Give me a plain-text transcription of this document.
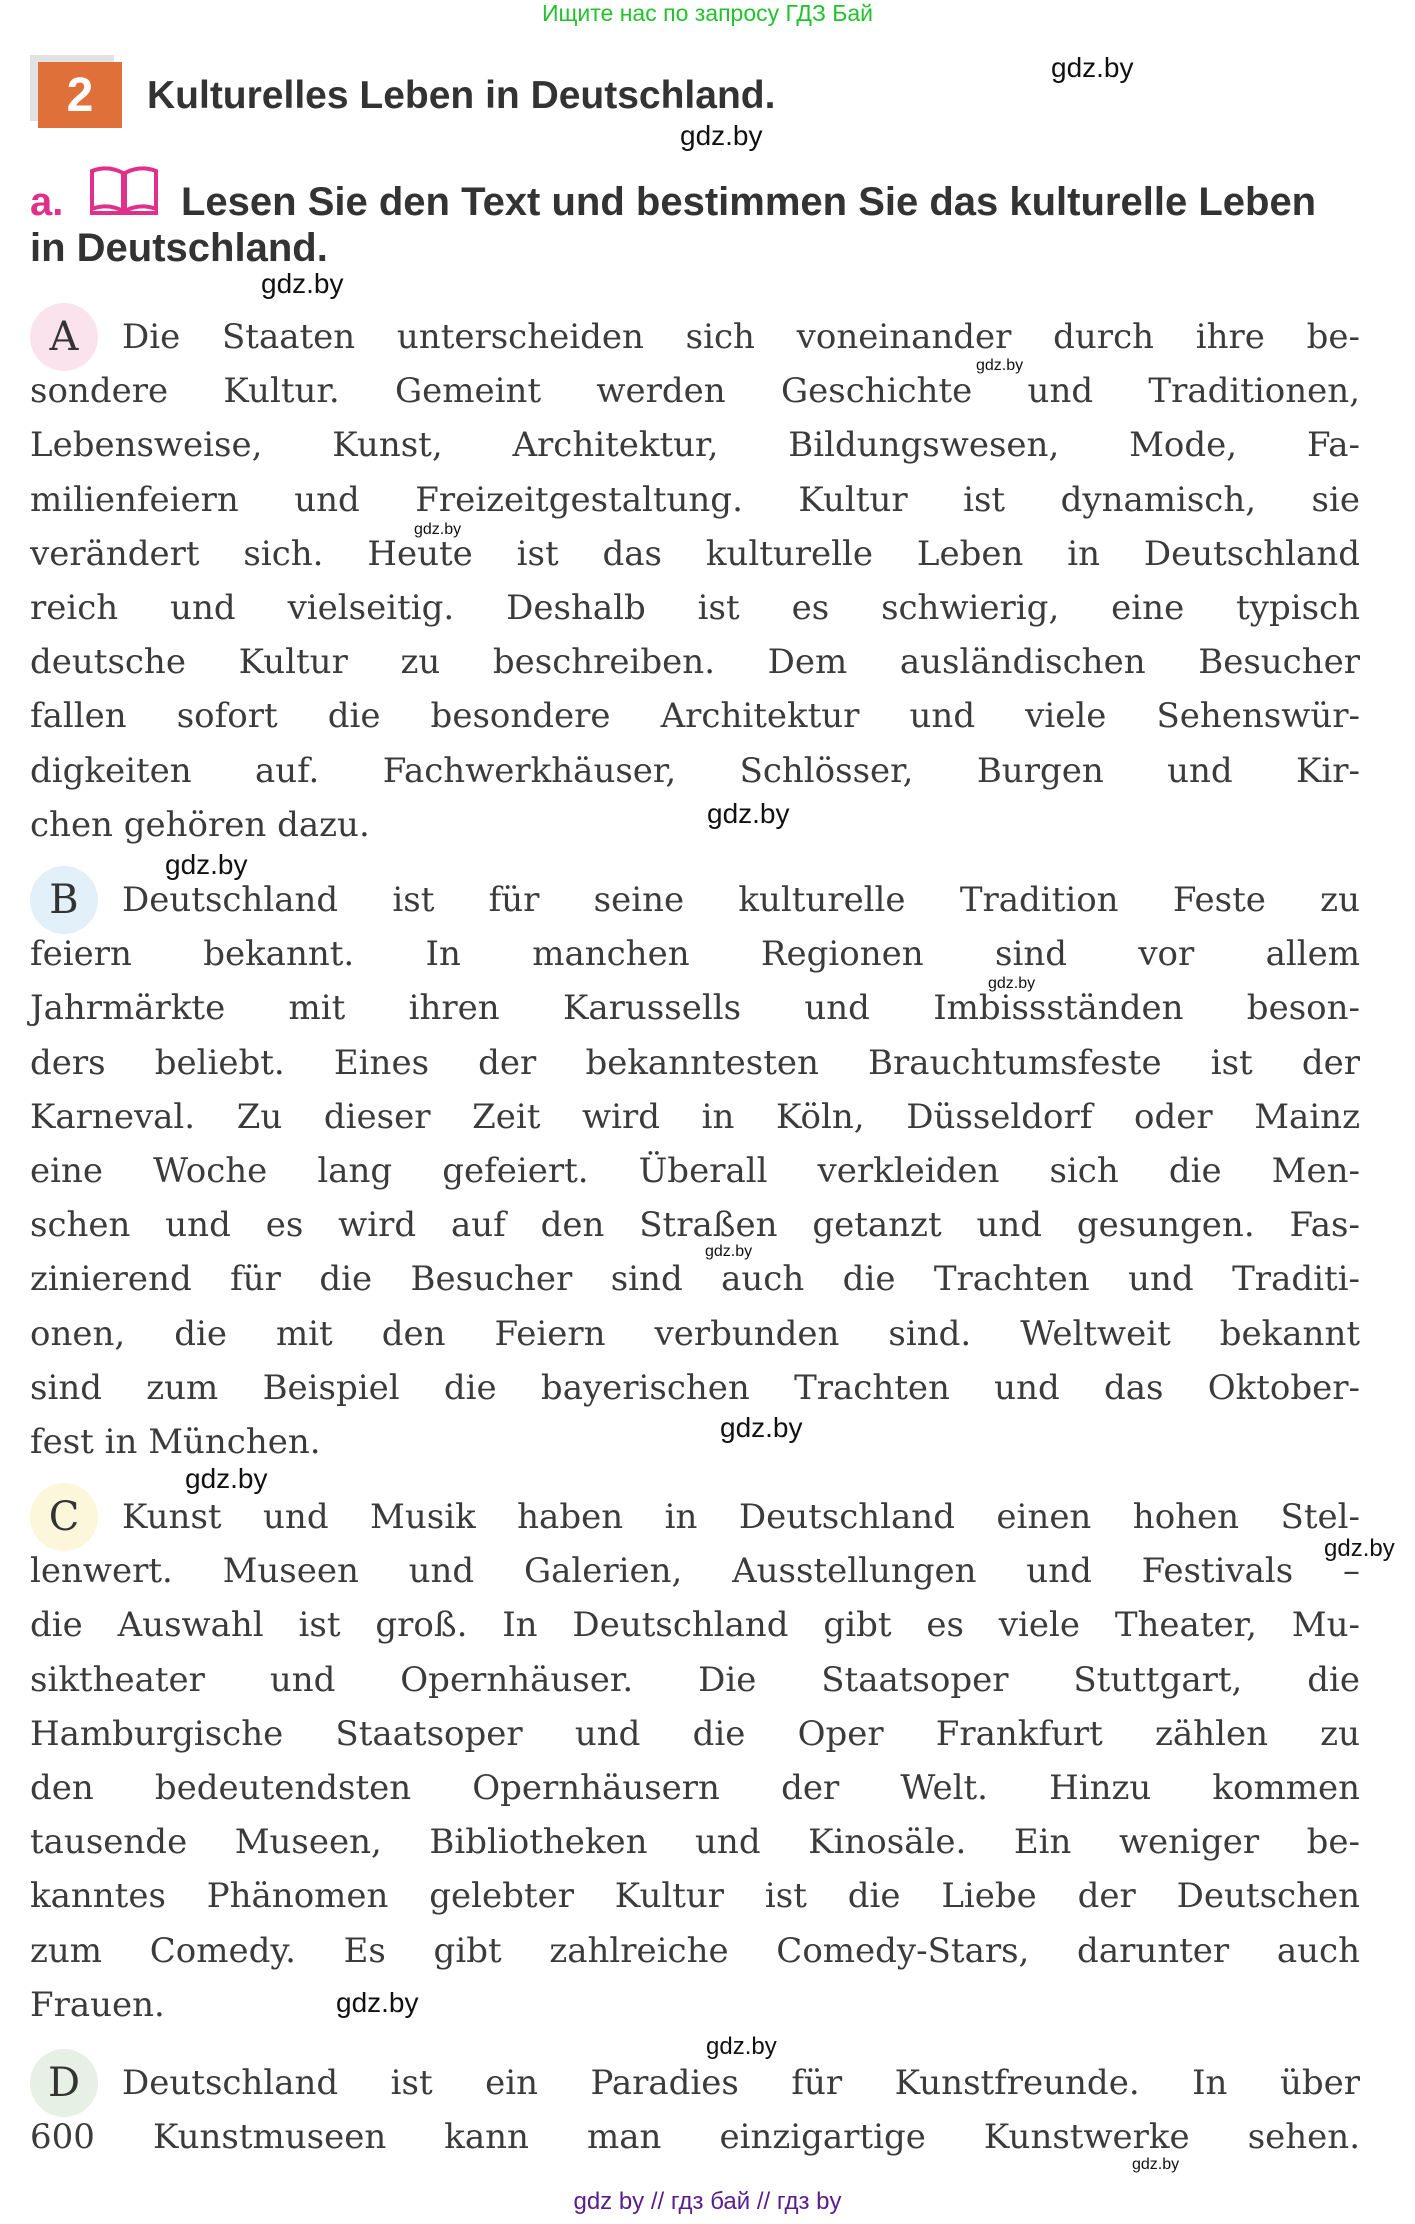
Ищите нас по запросу ГДЗ Бай
2	Kulturelles Leben in Deutschland.
a.	Lesen Sie den Text und bestimmen Sie das kulturelle Leben
in Deutschland.
A	Die Staaten unterscheiden sich voneinander durch ihre be-
sondere Kultur. Gemeint werden Geschichte und Traditionen,
Lebensweise, Kunst, Architektur, Bildungswesen, Mode, Fa-
milienfeiern und Freizeitgestaltung. Kultur ist dynamisch, sie
verändert sich. Heute ist das kulturelle Leben in Deutschland
reich und vielseitig. Deshalb ist es schwierig, eine typisch
deutsche Kultur zu beschreiben. Dem ausländischen Besucher
fallen sofort die besondere Architektur und viele Sehenswür-
digkeiten auf. Fachwerkhäuser, Schlösser, Burgen und Kir-
chen gehören dazu.
B	Deutschland ist für seine kulturelle Tradition Feste zu
feiern bekannt. In manchen Regionen sind vor allem
Jahrmärkte mit ihren Karussells und Imbissständen beson-
ders beliebt. Eines der bekanntesten Brauchtumsfeste ist der
Karneval. Zu dieser Zeit wird in Köln, Düsseldorf oder Mainz
eine Woche lang gefeiert. Überall verkleiden sich die Men-
schen und es wird auf den Straßen getanzt und gesungen. Fas-
zinierend für die Besucher sind auch die Trachten und Traditi-
onen, die mit den Feiern verbunden sind. Weltweit bekannt
sind zum Beispiel die bayerischen Trachten und das Oktober-
fest in München.
C	Kunst und Musik haben in Deutschland einen hohen Stel-
lenwert. Museen und Galerien, Ausstellungen und Festivals –
die Auswahl ist groß. In Deutschland gibt es viele Theater, Mu-
siktheater und Opernhäuser. Die Staatsoper Stuttgart, die
Hamburgische Staatsoper und die Oper Frankfurt zählen zu
den bedeutendsten Opernhäusern der Welt. Hinzu kommen
tausende Museen, Bibliotheken und Kinosäle. Ein weniger be-
kanntes Phänomen gelebter Kultur ist die Liebe der Deutschen
zum Comedy. Es gibt zahlreiche Comedy-Stars, darunter auch
Frauen.
D	Deutschland ist ein Paradies für Kunstfreunde. In über
600 Kunstmuseen kann man einzigartige Kunstwerke sehen.
gdz.by
gdz.by
gdz.by
gdz.by
gdz.by
gdz.by
gdz.by
gdz.by
gdz.by
gdz.by
gdz.by
gdz.by
gdz.by
gdz.by
gdz.by
gdz by // гдз бай // гдз by
